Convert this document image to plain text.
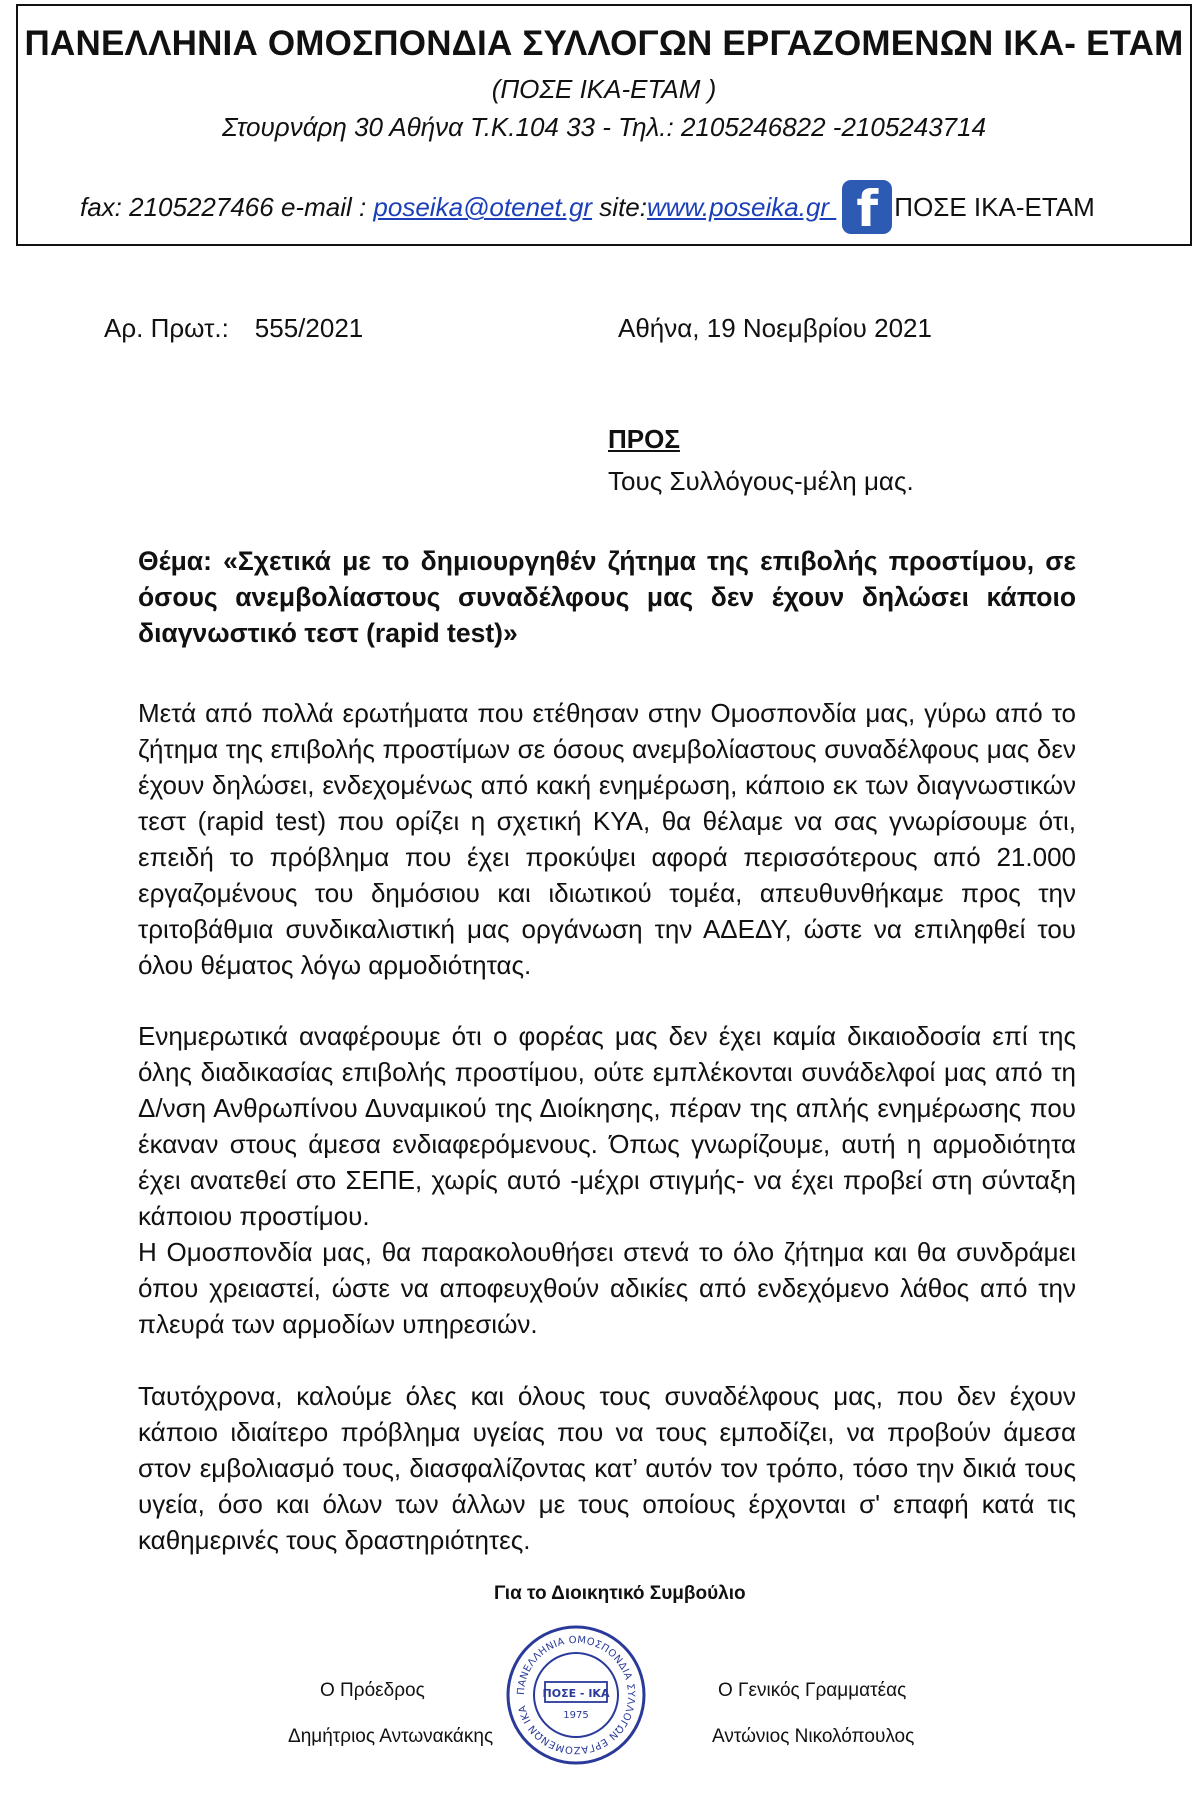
ΠΑΝΕΛΛΗΝΙΑ ΟΜΟΣΠΟΝΔΙΑ ΣΥΛΛΟΓΩΝ ΕΡΓΑΖΟΜΕΝΩΝ ΙΚΑ- ΕΤΑΜ
(ΠΟΣΕ ΙΚΑ-ΕΤΑΜ )
Στουρνάρη 30 Αθήνα Τ.Κ.104 33 - Τηλ.: 2105246822 -2105243714
fax: 2105227466 e-mail : poseika@otenet.gr site:www.poseika.gr f ΠΟΣΕ ΙΚΑ-ΕΤΑΜ
Αρ. Πρωτ.: 555/2021	Αθήνα, 19 Νοεμβρίου 2021
ΠΡΟΣ
Τους Συλλόγους-μέλη μας.
Θέμα: «Σχετικά με το δημιουργηθέν ζήτημα της επιβολής προστίμου, σε όσους ανεμβολίαστους συναδέλφους μας δεν έχουν δηλώσει κάποιο διαγνωστικό τεστ (rapid test)»
Μετά από πολλά ερωτήματα που ετέθησαν στην Ομοσπονδία μας, γύρω από το ζήτημα της επιβολής προστίμων σε όσους ανεμβολίαστους συναδέλφους μας δεν έχουν δηλώσει, ενδεχομένως από κακή ενημέρωση, κάποιο εκ των διαγνωστικών τεστ (rapid test) που ορίζει η σχετική ΚΥΑ, θα θέλαμε να σας γνωρίσουμε ότι, επειδή το πρόβλημα που έχει προκύψει αφορά περισσότερους από 21.000 εργαζομένους του δημόσιου και ιδιωτικού τομέα, απευθυνθήκαμε προς την τριτοβάθμια συνδικαλιστική μας οργάνωση την ΑΔΕΔΥ, ώστε να επιληφθεί του όλου θέματος λόγω αρμοδιότητας.
Ενημερωτικά αναφέρουμε ότι ο φορέας μας δεν έχει καμία δικαιοδοσία επί της όλης διαδικασίας επιβολής προστίμου, ούτε εμπλέκονται συνάδελφοί μας από τη Δ/νση Ανθρωπίνου Δυναμικού της Διοίκησης, πέραν της απλής ενημέρωσης που έκαναν στους άμεσα ενδιαφερόμενους. Όπως γνωρίζουμε, αυτή η αρμοδιότητα έχει ανατεθεί στο ΣΕΠΕ, χωρίς αυτό -μέχρι στιγμής- να έχει προβεί στη σύνταξη κάποιου προστίμου.
Η Ομοσπονδία μας, θα παρακολουθήσει στενά το όλο ζήτημα και θα συνδράμει όπου χρειαστεί, ώστε να αποφευχθούν αδικίες από ενδεχόμενο λάθος από την πλευρά των αρμοδίων υπηρεσιών.
Ταυτόχρονα, καλούμε όλες και όλους τους συναδέλφους μας, που δεν έχουν κάποιο ιδιαίτερο πρόβλημα υγείας που να τους εμποδίζει, να προβούν άμεσα στον εμβολιασμό τους, διασφαλίζοντας κατ’ αυτόν τον τρόπο, τόσο την δικιά τους υγεία, όσο και όλων των άλλων με τους οποίους έρχονται σ' επαφή κατά τις καθημερινές τους δραστηριότητες.
Για το Διοικητικό Συμβούλιο
Ο Πρόεδρος
Δημήτριος Αντωνακάκης
Ο Γενικός Γραμματέας
Αντώνιος Νικολόπουλος
ΠΑΝΕΛΛΗΝΙΑ ΟΜΟΣΠΟΝΔΙΑ ΣΥΛΛΟΓΩΝ ΕΡΓΑΖΟΜΕΝΩΝ ΙΚΑ
ΠΟΣΕ - ΙΚΑ
1975
